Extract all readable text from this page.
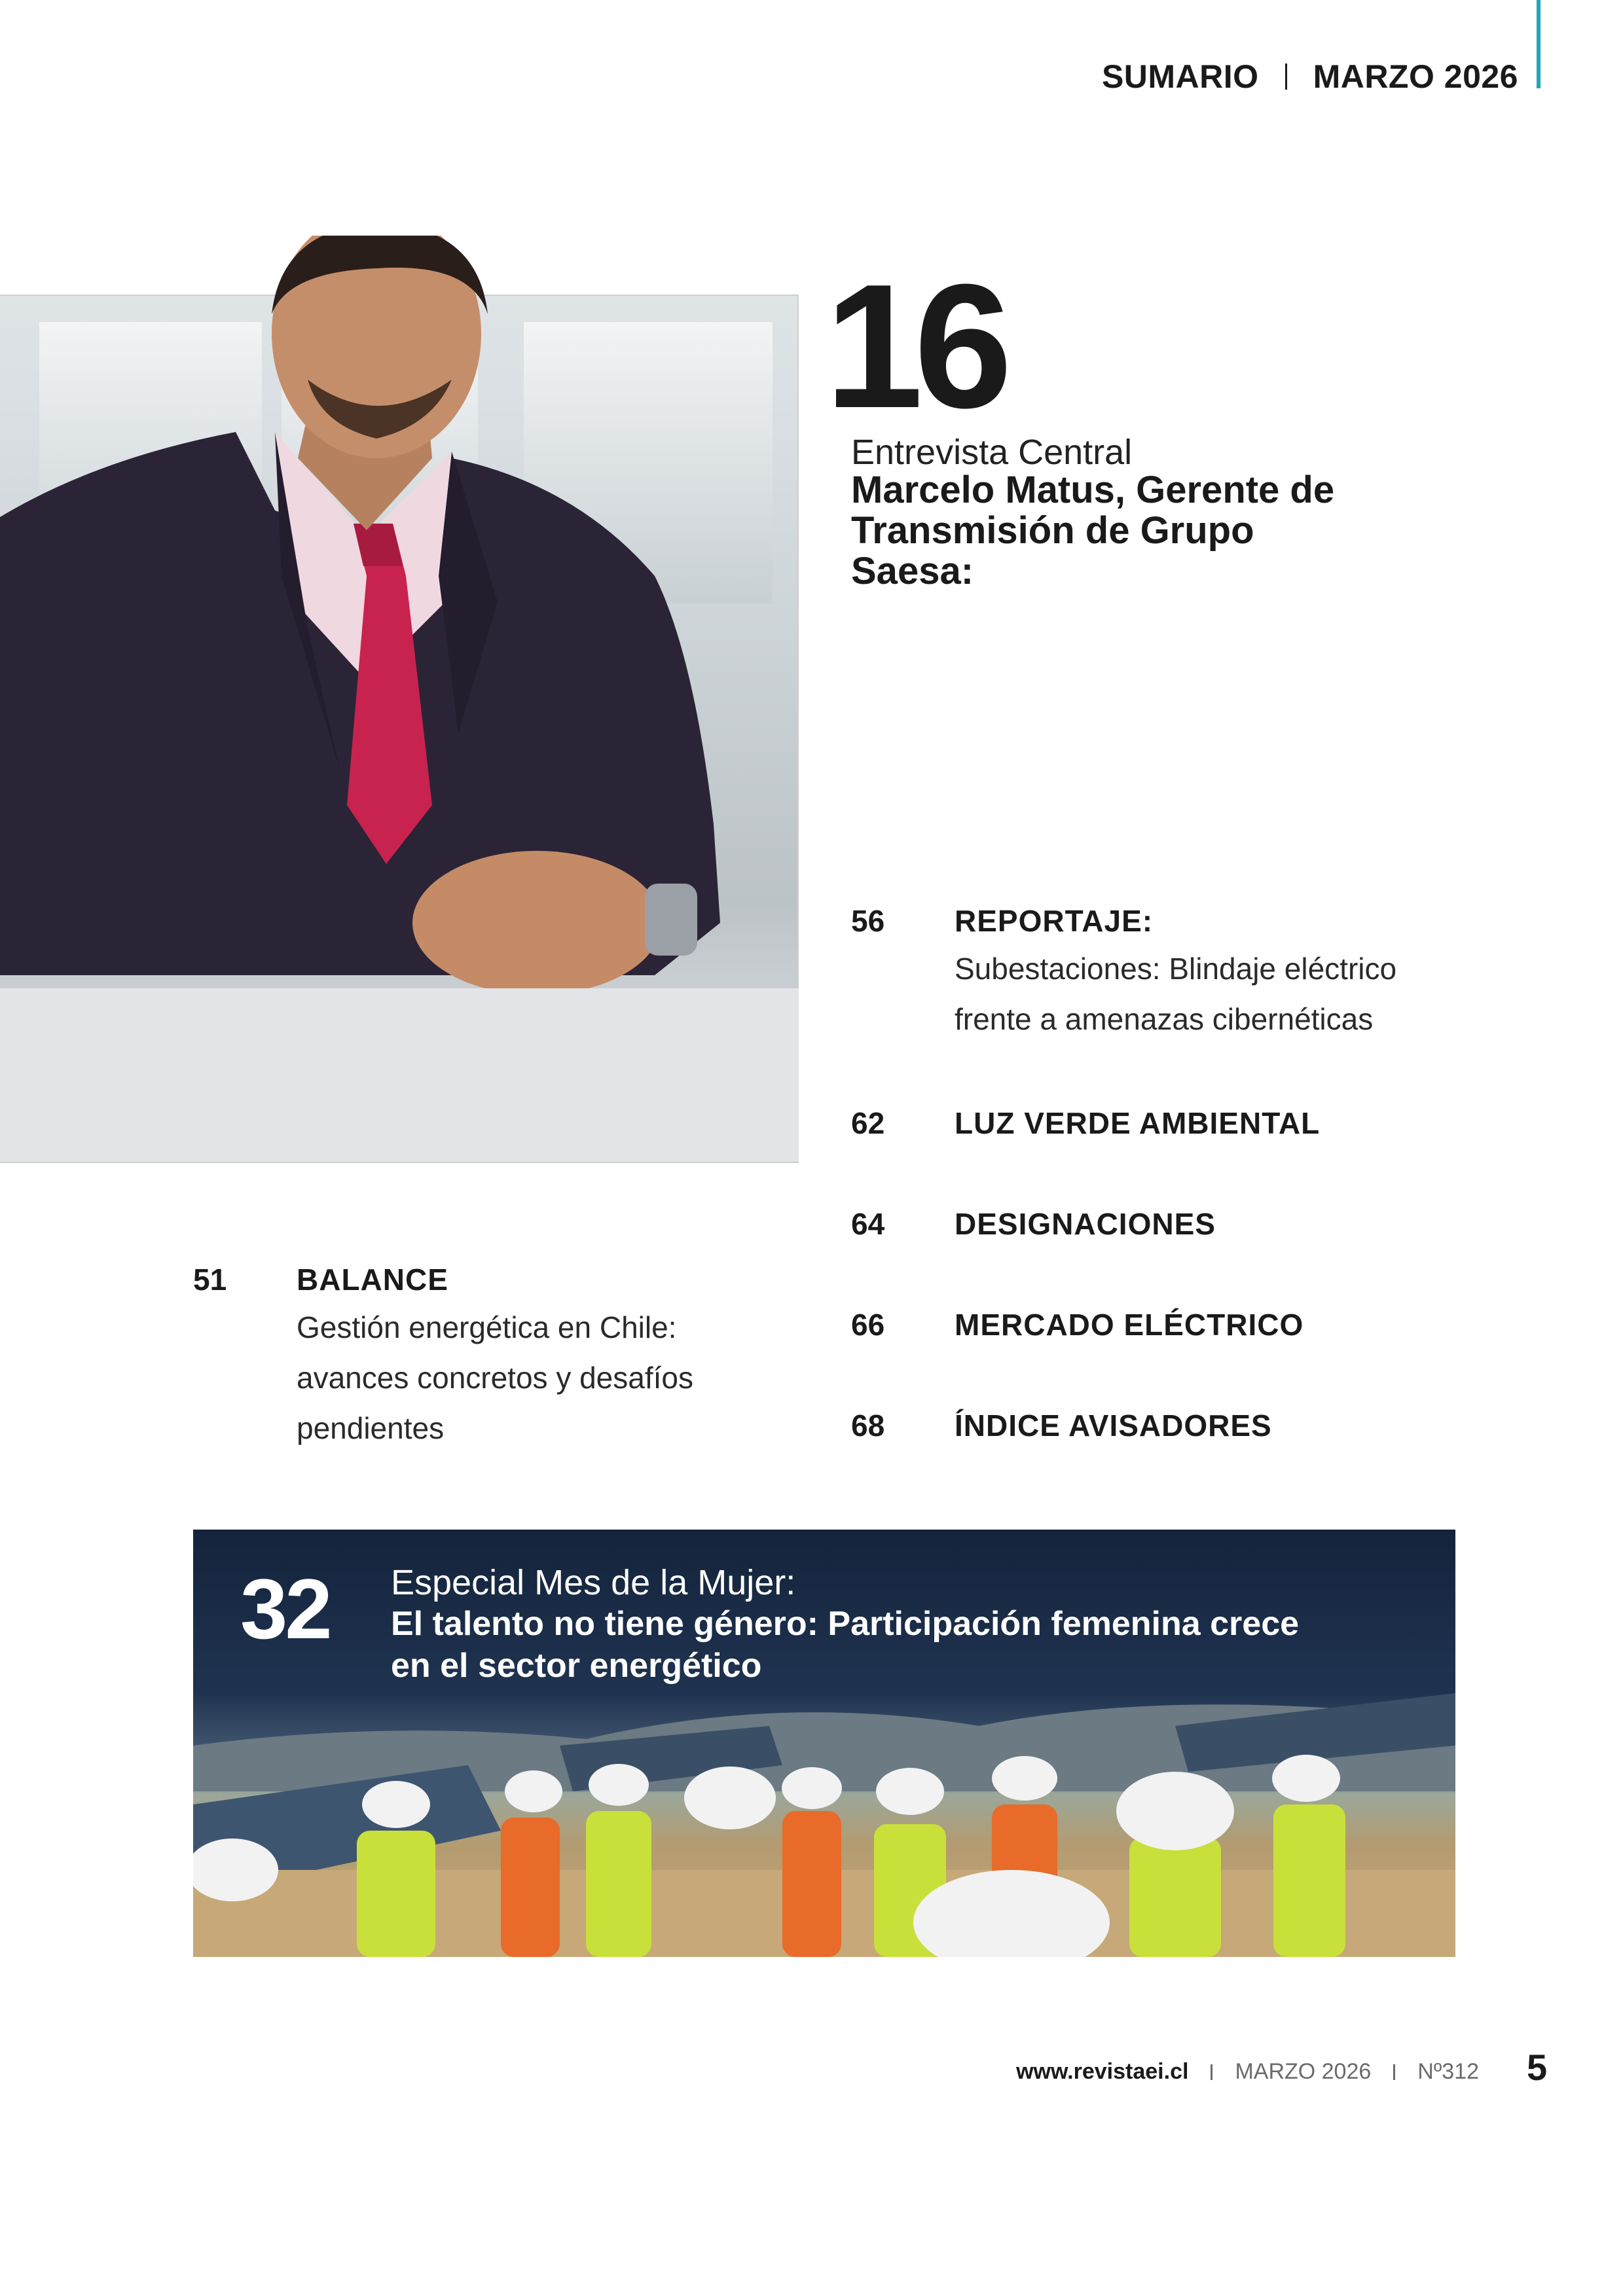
SUMARIO MARZO 2026
16
Entrevista Central
Marcelo Matus, Gerente de Transmisión de Grupo Saesa:
56	REPORTAJE:
Subestaciones: Blindaje eléctrico
frente a amenazas cibernéticas
62	LUZ VERDE AMBIENTAL
64	DESIGNACIONES
66	MERCADO ELÉCTRICO
68	ÍNDICE AVISADORES
51	BALANCE
Gestión energética en Chile:
avances concretos y desafíos
pendientes
32 Especial Mes de la Mujer:
El talento no tiene género: Participación femenina crece en el sector energético
www.revistaei.cl MARZO 2026 Nº312 5
